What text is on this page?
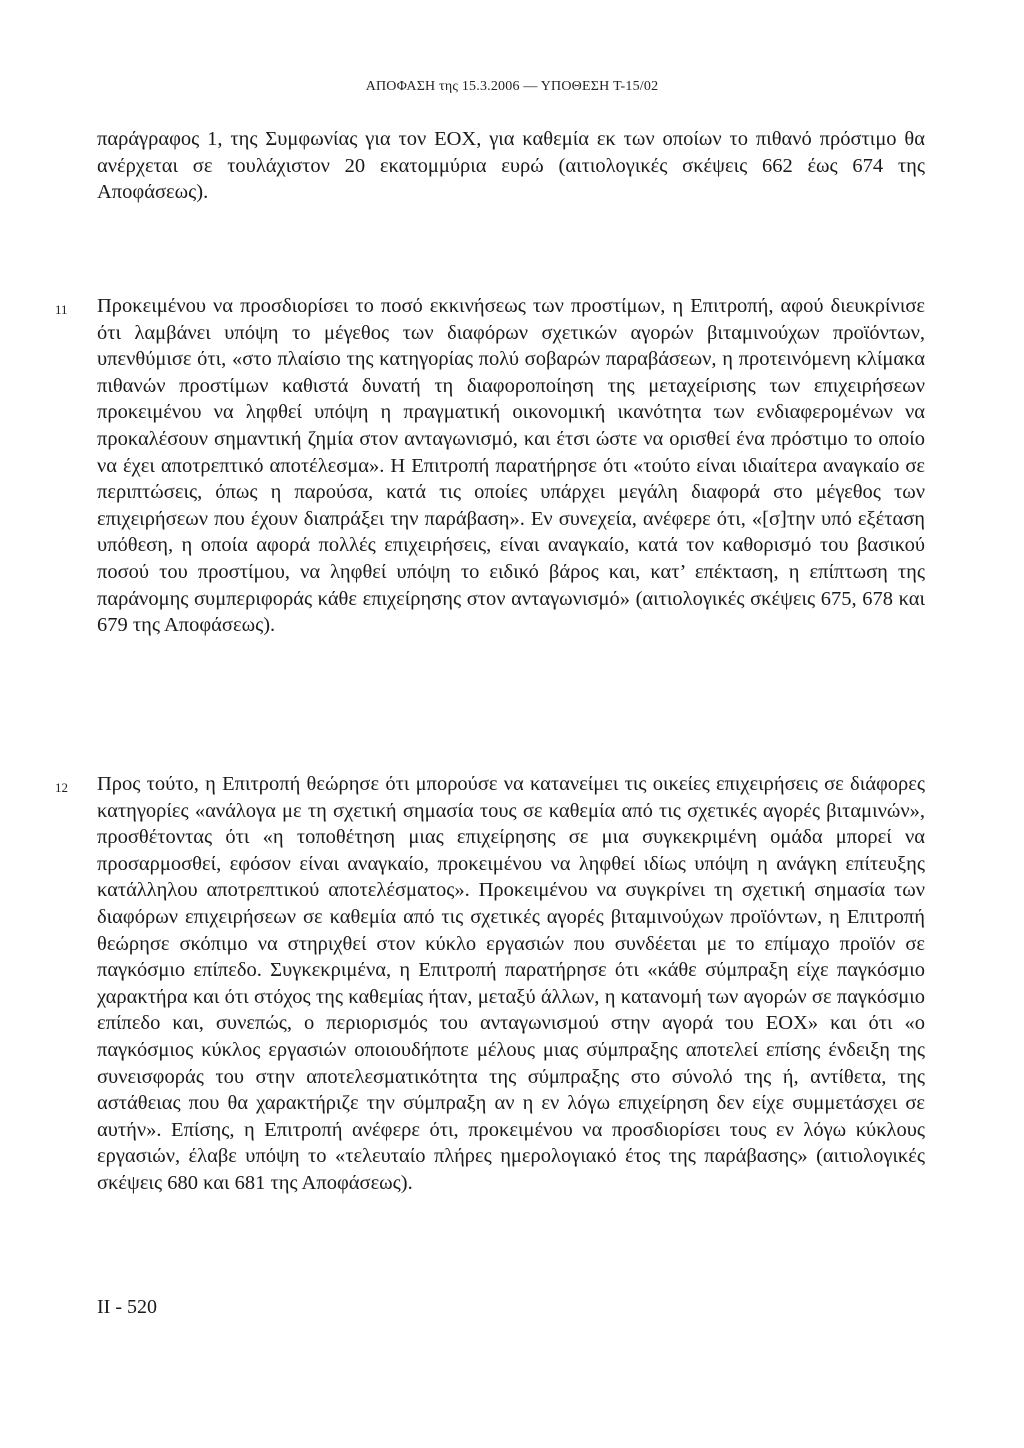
ΑΠΟΦΑΣΗ της 15.3.2006 — ΥΠΟΘΕΣΗ T-15/02
παράγραφος 1, της Συμφωνίας για τον ΕΟΧ, για καθεμία εκ των οποίων το πιθανό πρόστιμο θα ανέρχεται σε τουλάχιστον 20 εκατομμύρια ευρώ (αιτιολογικές σκέψεις 662 έως 674 της Αποφάσεως).
11 Προκειμένου να προσδιορίσει το ποσό εκκινήσεως των προστίμων, η Επιτροπή, αφού διευκρίνισε ότι λαμβάνει υπόψη το μέγεθος των διαφόρων σχετικών αγορών βιταμινούχων προϊόντων, υπενθύμισε ότι, «στο πλαίσιο της κατηγορίας πολύ σοβαρών παραβάσεων, η προτεινόμενη κλίμακα πιθανών προστίμων καθιστά δυνατή τη διαφοροποίηση της μεταχείρισης των επιχειρήσεων προκειμένου να ληφθεί υπόψη η πραγματική οικονομική ικανότητα των ενδιαφερομένων να προκαλέσουν σημαντική ζημία στον ανταγωνισμό, και έτσι ώστε να ορισθεί ένα πρόστιμο το οποίο να έχει αποτρεπτικό αποτέλεσμα». Η Επιτροπή παρατήρησε ότι «τούτο είναι ιδιαίτερα αναγκαίο σε περιπτώσεις, όπως η παρούσα, κατά τις οποίες υπάρχει μεγάλη διαφορά στο μέγεθος των επιχειρήσεων που έχουν διαπράξει την παράβαση». Εν συνεχεία, ανέφερε ότι, «[σ]την υπό εξέταση υπόθεση, η οποία αφορά πολλές επιχειρήσεις, είναι αναγκαίο, κατά τον καθορισμό του βασικού ποσού του προστίμου, να ληφθεί υπόψη το ειδικό βάρος και, κατ’ επέκταση, η επίπτωση της παράνομης συμπεριφοράς κάθε επιχείρησης στον ανταγωνισμό» (αιτιολογικές σκέψεις 675, 678 και 679 της Αποφάσεως).
12 Προς τούτο, η Επιτροπή θεώρησε ότι μπορούσε να κατανείμει τις οικείες επιχειρήσεις σε διάφορες κατηγορίες «ανάλογα με τη σχετική σημασία τους σε καθεμία από τις σχετικές αγορές βιταμινών», προσθέτοντας ότι «η τοποθέτηση μιας επιχείρησης σε μια συγκεκριμένη ομάδα μπορεί να προσαρμοσθεί, εφόσον είναι αναγκαίο, προκειμένου να ληφθεί ιδίως υπόψη η ανάγκη επίτευξης κατάλληλου αποτρεπτικού αποτελέσματος». Προκειμένου να συγκρίνει τη σχετική σημασία των διαφόρων επιχειρήσεων σε καθεμία από τις σχετικές αγορές βιταμινούχων προϊόντων, η Επιτροπή θεώρησε σκόπιμο να στηριχθεί στον κύκλο εργασιών που συνδέεται με το επίμαχο προϊόν σε παγκόσμιο επίπεδο. Συγκεκριμένα, η Επιτροπή παρατήρησε ότι «κάθε σύμπραξη είχε παγκόσμιο χαρακτήρα και ότι στόχος της καθεμίας ήταν, μεταξύ άλλων, η κατανομή των αγορών σε παγκόσμιο επίπεδο και, συνεπώς, ο περιορισμός του ανταγωνισμού στην αγορά του ΕΟΧ» και ότι «ο παγκόσμιος κύκλος εργασιών οποιουδήποτε μέλους μιας σύμπραξης αποτελεί επίσης ένδειξη της συνεισφοράς του στην αποτελεσματικότητα της σύμπραξης στο σύνολό της ή, αντίθετα, της αστάθειας που θα χαρακτήριζε την σύμπραξη αν η εν λόγω επιχείρηση δεν είχε συμμετάσχει σε αυτήν». Επίσης, η Επιτροπή ανέφερε ότι, προκειμένου να προσδιορίσει τους εν λόγω κύκλους εργασιών, έλαβε υπόψη το «τελευταίο πλήρες ημερολογιακό έτος της παράβασης» (αιτιολογικές σκέψεις 680 και 681 της Αποφάσεως).
II - 520
